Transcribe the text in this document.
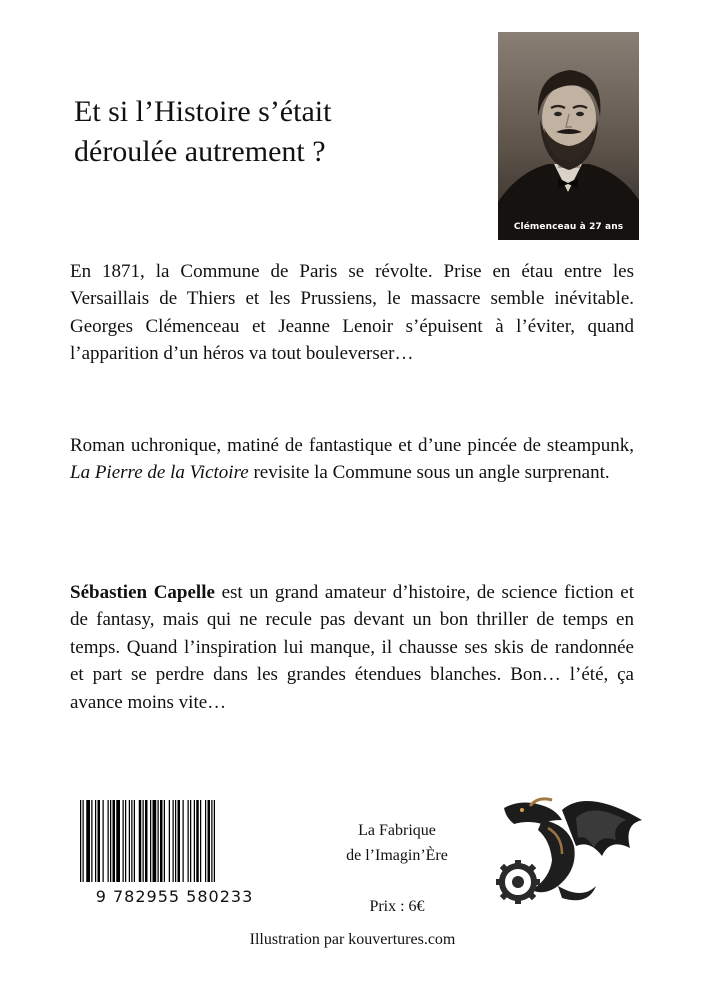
Et si l’Histoire s’était
déroulée autrement ?
Clémenceau à 27 ans

En 1871, la Commune de Paris se révolte. Prise en étau entre les Versaillais de Thiers et les Prussiens, le massacre semble inévitable. Georges Clémenceau et Jeanne Lenoir s’épuisent à l’éviter, quand l’apparition d’un héros va tout bouleverser…

Roman uchronique, matiné de fantastique et d’une pincée de steampunk, La Pierre de la Victoire revisite la Commune sous un angle surprenant.

Sébastien Capelle est un grand amateur d’histoire, de science fiction et de fantasy, mais qui ne recule pas devant un bon thriller de temps en temps. Quand l’inspiration lui manque, il chausse ses skis de randonnée et part se perdre dans les grandes étendues blanches. Bon… l’été, ça avance moins vite…

9 782955 580233
La Fabrique
de l’Imagin’Ère
Prix : 6€
Illustration par kouvertures.com
